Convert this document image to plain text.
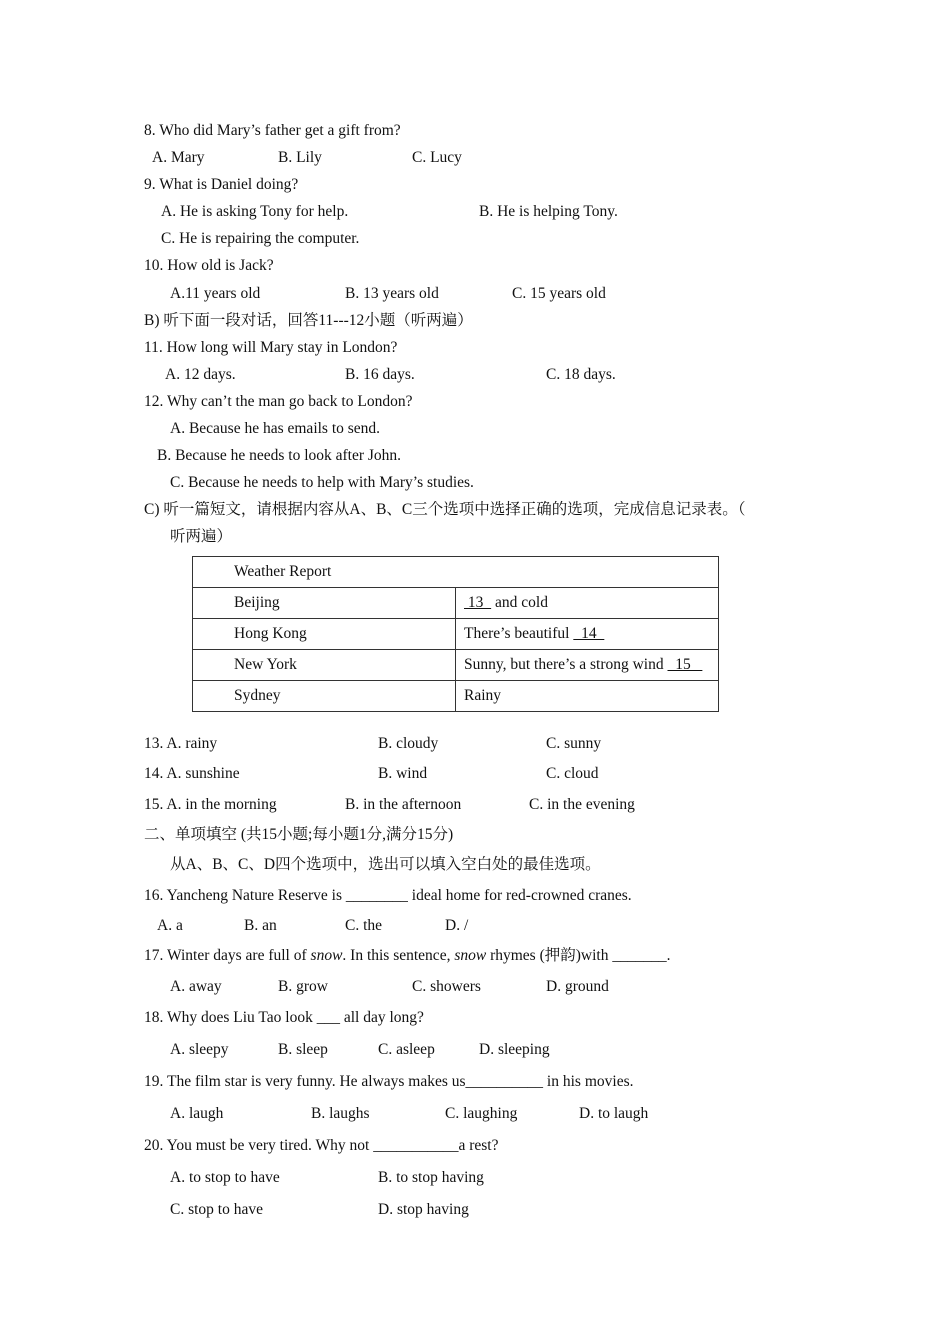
8. Who did Mary’s father get a gift from?
A. Mary	B. Lily	C. Lucy
9. What is Daniel doing?
A. He is asking Tony for help.	B. He is helping Tony.
C. He is repairing the computer.
10. How old is Jack?
A.11 years old	B. 13 years old	C. 15 years old
B) 听下面一段对话，回答11---12小题（听两遍）
11. How long will Mary stay in London?
A. 12 days.	B. 16 days.	C. 18 days.
12. Why can’t the man go back to London?
A. Because he has emails to send.
B. Because he needs to look after John.
C. Because he needs to help with Mary’s studies.
C) 听一篇短文，请根据内容从A、B、C三个选项中选择正确的选项，完成信息记录表。（
听两遍）
Weather Report	
Beijing	13   and cold
Hong Kong	There’s beautiful   14
New York	Sunny, but there’s a strong wind   15
Sydney	Rainy
13. A. rainy	B. cloudy	C. sunny
14. A. sunshine	B. wind	C. cloud
15. A. in the morning	B. in the afternoon	C. in the evening
二、单项填空 (共15小题;每小题1分,满分15分)
从A、B、C、D四个选项中，选出可以填入空白处的最佳选项。
16. Yancheng Nature Reserve is ________ ideal home for red-crowned cranes.
A. a	B. an	C. the	D. /
17. Winter days are full of snow. In this sentence, snow rhymes (押韵)with _______.
A. away	B. grow	C. showers	D. ground
18. Why does Liu Tao look ___ all day long?
A. sleepy	B. sleep	C. asleep	D. sleeping
19. The film star is very funny. He always makes us__________ in his movies.
A. laugh	B. laughs	C. laughing	D. to laugh
20. You must be very tired. Why not ___________a rest?
A. to stop to have	B. to stop having
C. stop to have	D. stop having
